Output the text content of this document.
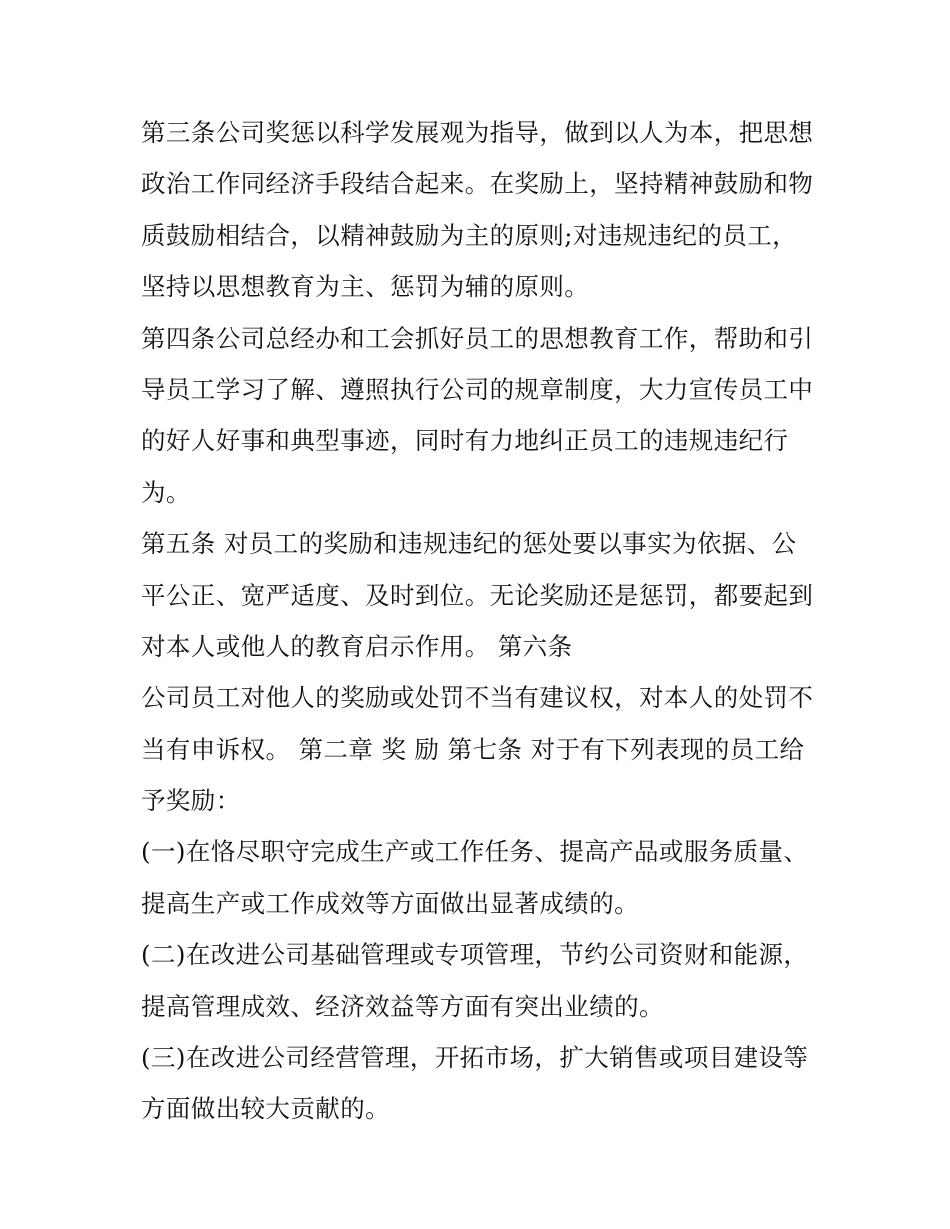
第三条公司奖惩以科学发展观为指导，做到以人为本，把思想
政治工作同经济手段结合起来。在奖励上，坚持精神鼓励和物
质鼓励相结合，以精神鼓励为主的原则;对违规违纪的员工，
坚持以思想教育为主、惩罚为辅的原则。
第四条公司总经办和工会抓好员工的思想教育工作，帮助和引
导员工学习了解、遵照执行公司的规章制度，大力宣传员工中
的好人好事和典型事迹，同时有力地纠正员工的违规违纪行
为。
第五条 对员工的奖励和违规违纪的惩处要以事实为依据、公
平公正、宽严适度、及时到位。无论奖励还是惩罚，都要起到
对本人或他人的教育启示作用。 第六条
公司员工对他人的奖励或处罚不当有建议权，对本人的处罚不
当有申诉权。 第二章 奖 励 第七条 对于有下列表现的员工给
予奖励：
(一)在恪尽职守完成生产或工作任务、提高产品或服务质量、
提高生产或工作成效等方面做出显著成绩的。
(二)在改进公司基础管理或专项管理，节约公司资财和能源，
提高管理成效、经济效益等方面有突出业绩的。
(三)在改进公司经营管理，开拓市场，扩大销售或项目建设等
方面做出较大贡献的。
